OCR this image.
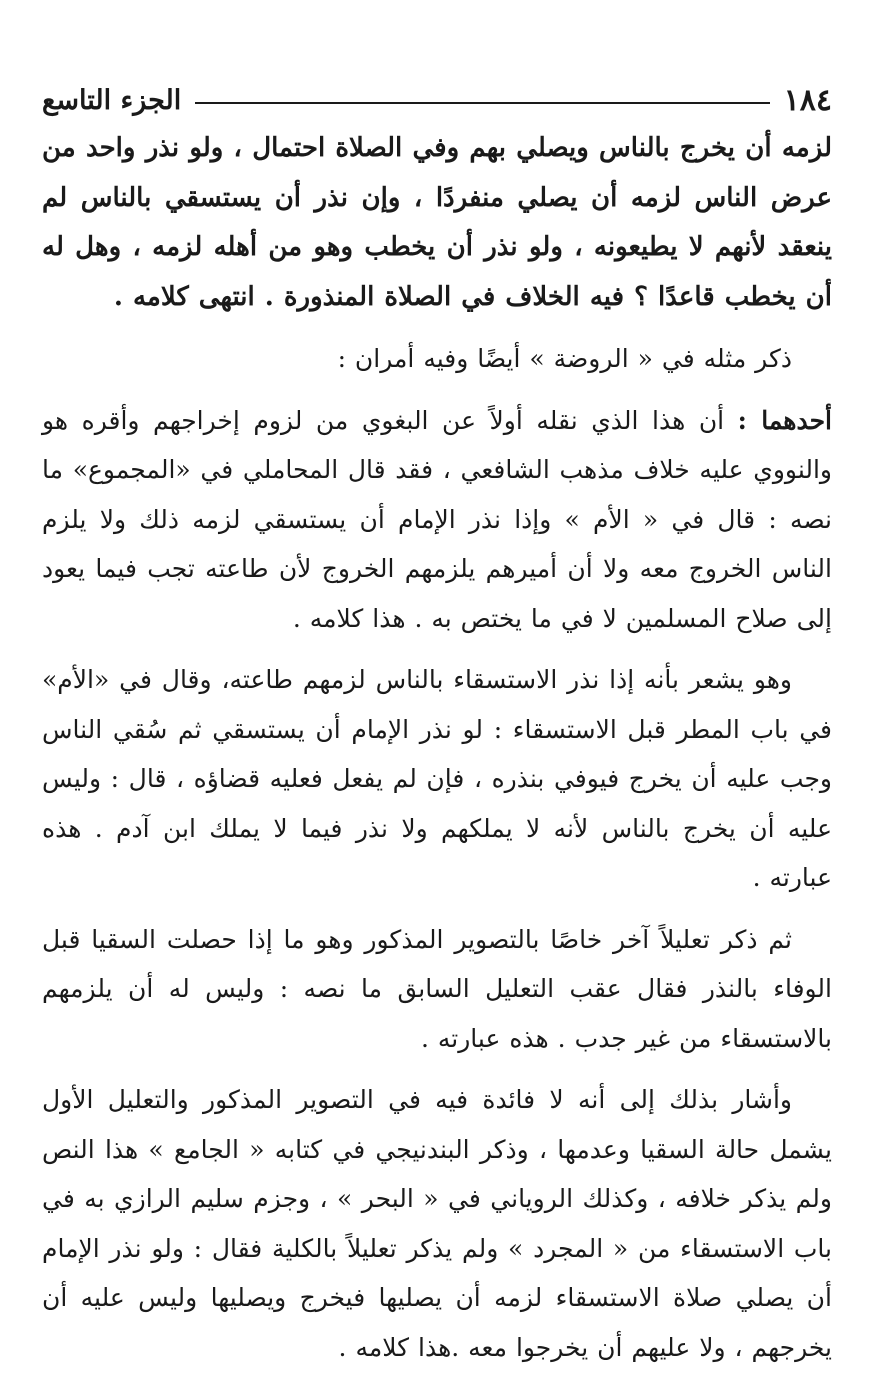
١٨٤
الجزء التاسع

لزمه أن يخرج بالناس ويصلي بهم وفي الصلاة احتمال ، ولو نذر واحد من عرض الناس لزمه أن يصلي منفردًا ، وإن نذر أن يستسقي بالناس لم ينعقد لأنهم لا يطيعونه ، ولو نذر أن يخطب وهو من أهله لزمه ، وهل له أن يخطب قاعدًا ؟ فيه الخلاف في الصلاة المنذورة . انتهى كلامه .

ذكر مثله في « الروضة » أيضًا وفيه أمران :

أحدهما : أن هذا الذي نقله أولاً عن البغوي من لزوم إخراجهم وأقره هو والنووي عليه خلاف مذهب الشافعي ، فقد قال المحاملي في «المجموع» ما نصه : قال في « الأم » وإذا نذر الإمام أن يستسقي لزمه ذلك ولا يلزم الناس الخروج معه ولا أن أميرهم يلزمهم الخروج لأن طاعته تجب فيما يعود إلى صلاح المسلمين لا في ما يختص به . هذا كلامه .

وهو يشعر بأنه إذا نذر الاستسقاء بالناس لزمهم طاعته، وقال في «الأم» في باب المطر قبل الاستسقاء : لو نذر الإمام أن يستسقي ثم سُقي الناس وجب عليه أن يخرج فيوفي بنذره ، فإن لم يفعل فعليه قضاؤه ، قال : وليس عليه أن يخرج بالناس لأنه لا يملكهم ولا نذر فيما لا يملك ابن آدم . هذه عبارته .

ثم ذكر تعليلاً آخر خاصًا بالتصوير المذكور وهو ما إذا حصلت السقيا قبل الوفاء بالنذر فقال عقب التعليل السابق ما نصه : وليس له أن يلزمهم بالاستسقاء من غير جدب . هذه عبارته .

وأشار بذلك إلى أنه لا فائدة فيه في التصوير المذكور والتعليل الأول يشمل حالة السقيا وعدمها ، وذكر البندنيجي في كتابه « الجامع » هذا النص ولم يذكر خلافه ، وكذلك الروياني في « البحر » ، وجزم سليم الرازي به في باب الاستسقاء من « المجرد » ولم يذكر تعليلاً بالكلية فقال : ولو نذر الإمام أن يصلي صلاة الاستسقاء لزمه أن يصليها فيخرج ويصليها وليس عليه أن يخرجهم ، ولا عليهم أن يخرجوا معه .هذا كلامه .
